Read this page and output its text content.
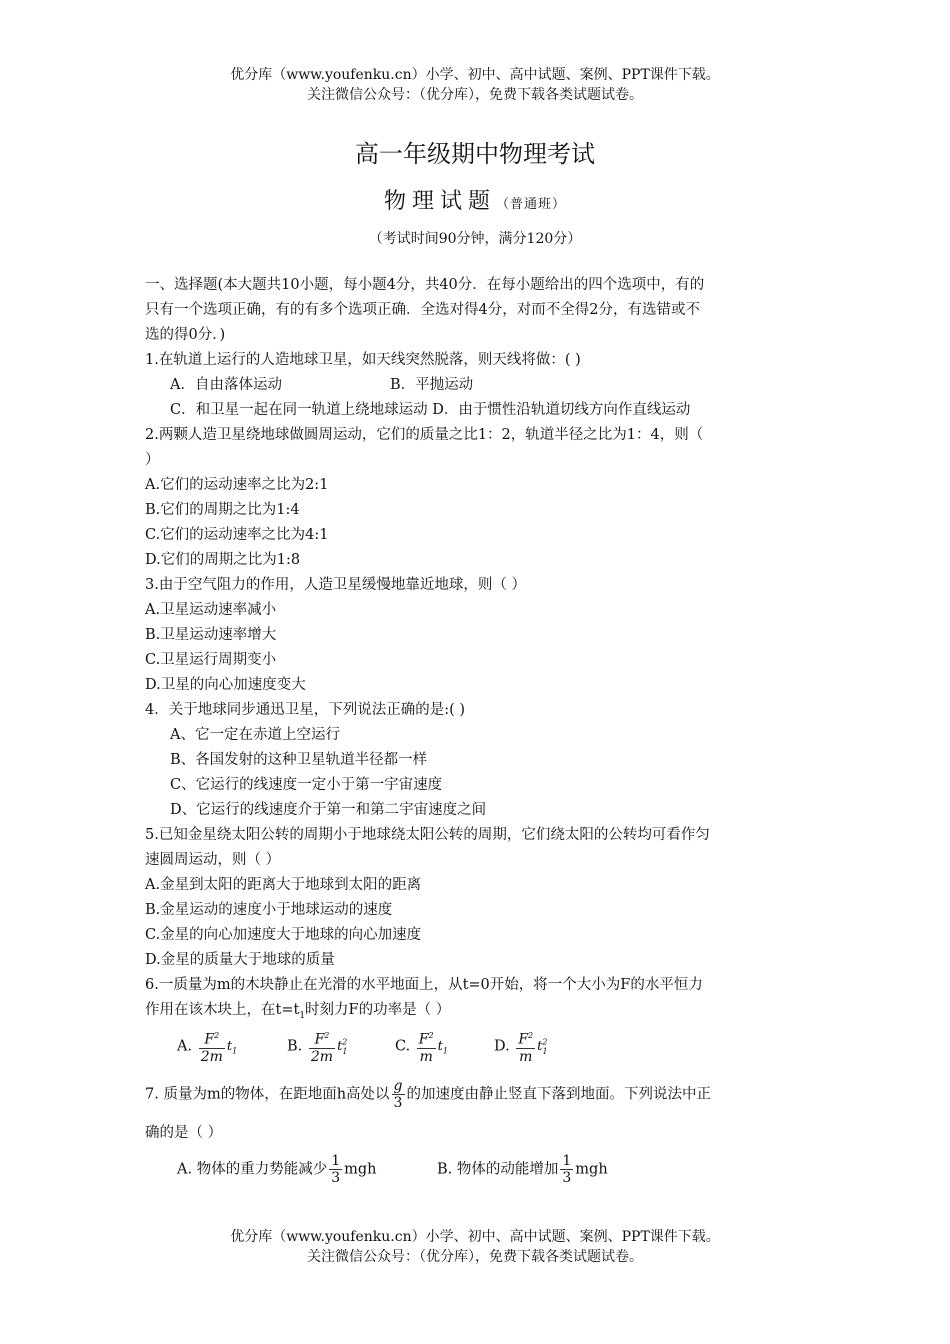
优分库（www.youfenku.cn）小学、初中、高中试题、案例、PPT课件下载。
关注微信公众号：（优分库），免费下载各类试题试卷。
高一年级期中物理考试
物理试题（普通班）
（考试时间90分钟，满分120分）
一、选择题(本大题共10小题，每小题4分，共40分．在每小题给出的四个选项中，有的
只有一个选项正确，有的有多个选项正确．全选对得4分，对而不全得2分，有选错或不
选的得0分．)
1.在轨道上运行的人造地球卫星，如天线突然脱落，则天线将做：( )
A．自由落体运动	B．平抛运动
C．和卫星一起在同一轨道上绕地球运动 D．由于惯性沿轨道切线方向作直线运动
2.两颗人造卫星绕地球做圆周运动，它们的质量之比1：2，轨道半径之比为1：4，则（
）
A.它们的运动速率之比为2:1
B.它们的周期之比为1:4
C.它们的运动速率之比为4:1
D.它们的周期之比为1:8
3.由于空气阻力的作用，人造卫星缓慢地靠近地球，则（ ）
A.卫星运动速率减小
B.卫星运动速率增大
C.卫星运行周期变小
D.卫星的向心加速度变大
4．关于地球同步通迅卫星，下列说法正确的是:( )
A、它一定在赤道上空运行
B、各国发射的这种卫星轨道半径都一样
C、它运行的线速度一定小于第一宇宙速度
D、它运行的线速度介于第一和第二宇宙速度之间
5.已知金星绕太阳公转的周期小于地球绕太阳公转的周期，它们绕太阳的公转均可看作匀
速圆周运动，则（ ）
A.金星到太阳的距离大于地球到太阳的距离
B.金星运动的速度小于地球运动的速度
C.金星的向心加速度大于地球的向心加速度
D.金星的质量大于地球的质量
6.一质量为m的木块静止在光滑的水平地面上，从t=0开始，将一个大小为F的水平恒力
作用在该木块上，在$t=t_1$时刻力F的功率是（ ）
A. $\frac{F^2}{2m} t_1$	B. $\frac{F^2}{2m} t^2_1$	C. $\frac{F^2}{m} t_1$	D. $\frac{F^2}{m} t^2_1$
7. 质量为m的物体，在距地面h高处以 $\frac{g}{3}$ 的加速度由静止竖直下落到地面。下列说法中正
确的是（ ）
A. 物体的重力势能减少 $\frac{1}{3}$ mgh	B. 物体的动能增加 $\frac{1}{3}$ mgh
优分库（www.youfenku.cn）小学、初中、高中试题、案例、PPT课件下载。
关注微信公众号：（优分库），免费下载各类试题试卷。
